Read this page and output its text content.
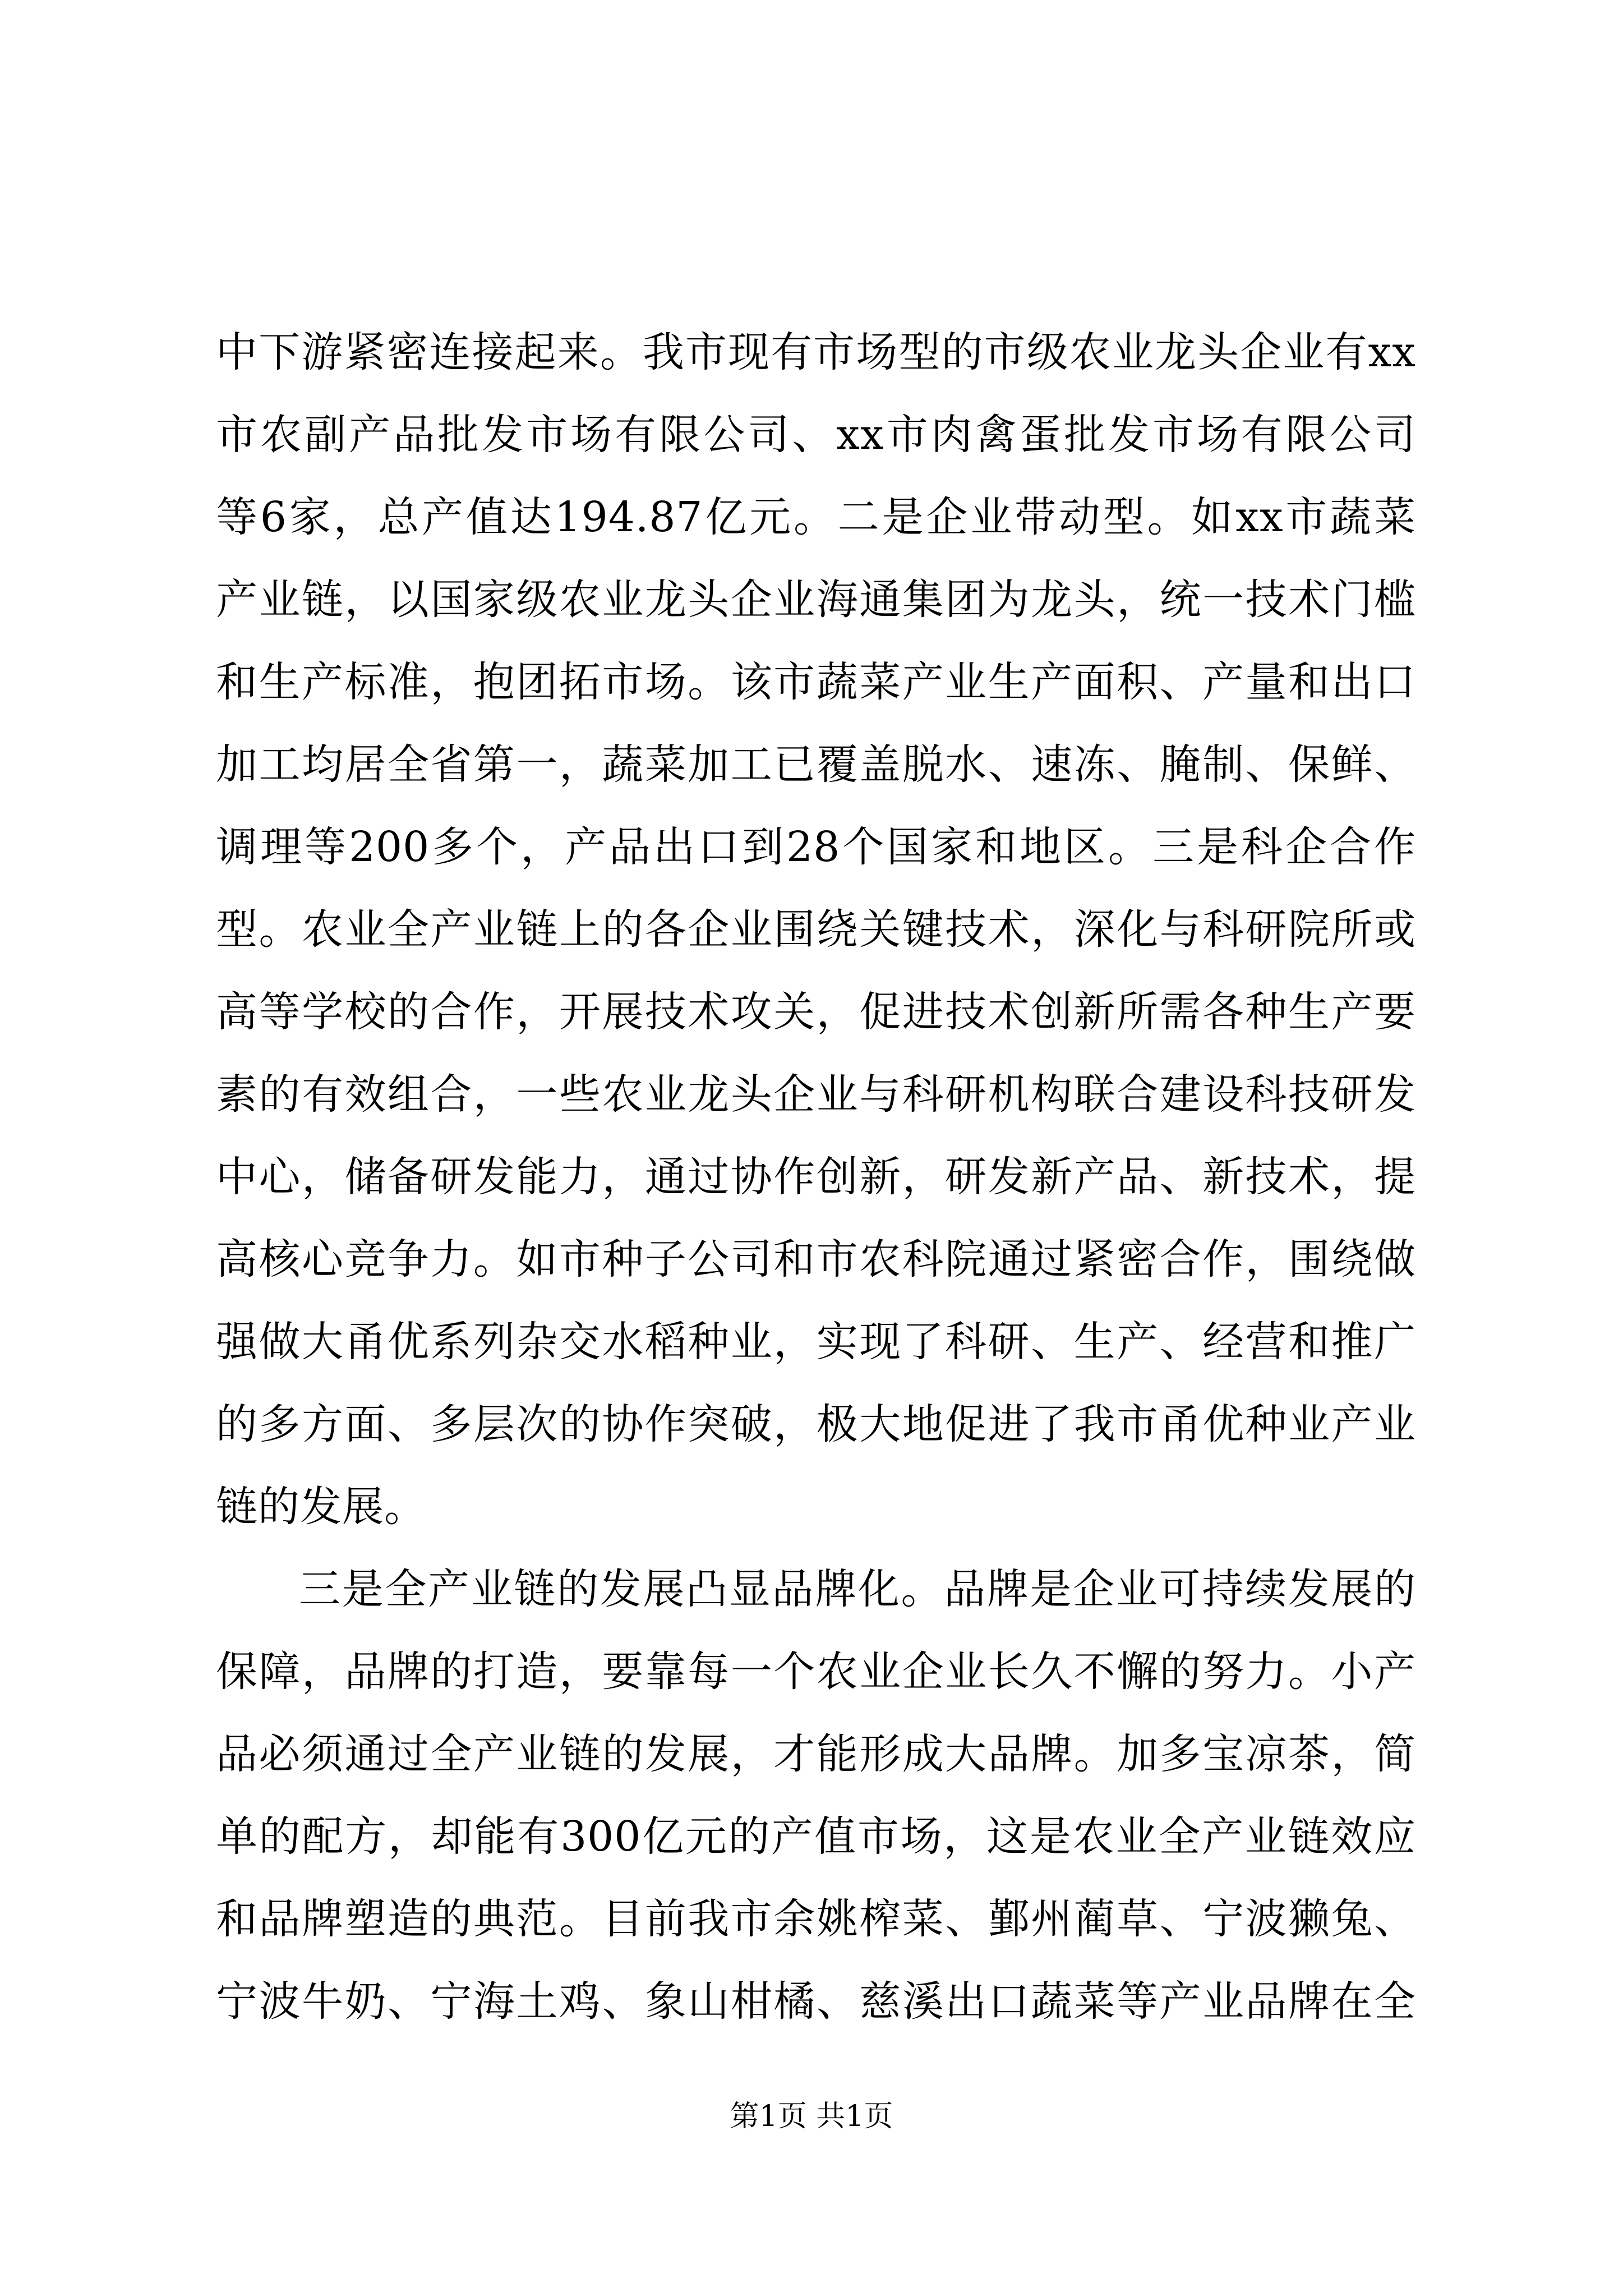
中下游紧密连接起来。我市现有市场型的市级农业龙头企业有xx
市农副产品批发市场有限公司、xx市肉禽蛋批发市场有限公司
等6家，总产值达194.87亿元。二是企业带动型。如xx市蔬菜
产业链，以国家级农业龙头企业海通集团为龙头，统一技术门槛
和生产标准，抱团拓市场。该市蔬菜产业生产面积、产量和出口
加工均居全省第一，蔬菜加工已覆盖脱水、速冻、腌制、保鲜、
调理等200多个，产品出口到28个国家和地区。三是科企合作
型。农业全产业链上的各企业围绕关键技术，深化与科研院所或
高等学校的合作，开展技术攻关，促进技术创新所需各种生产要
素的有效组合，一些农业龙头企业与科研机构联合建设科技研发
中心，储备研发能力，通过协作创新，研发新产品、新技术，提
高核心竞争力。如市种子公司和市农科院通过紧密合作，围绕做
强做大甬优系列杂交水稻种业，实现了科研、生产、经营和推广
的多方面、多层次的协作突破，极大地促进了我市甬优种业产业
链的发展。
三是全产业链的发展凸显品牌化。品牌是企业可持续发展的
保障，品牌的打造，要靠每一个农业企业长久不懈的努力。小产
品必须通过全产业链的发展，才能形成大品牌。加多宝凉茶，简
单的配方，却能有300亿元的产值市场，这是农业全产业链效应
和品牌塑造的典范。目前我市余姚榨菜、鄞州蔺草、宁波獭兔、
宁波牛奶、宁海土鸡、象山柑橘、慈溪出口蔬菜等产业品牌在全
第1页 共1页
